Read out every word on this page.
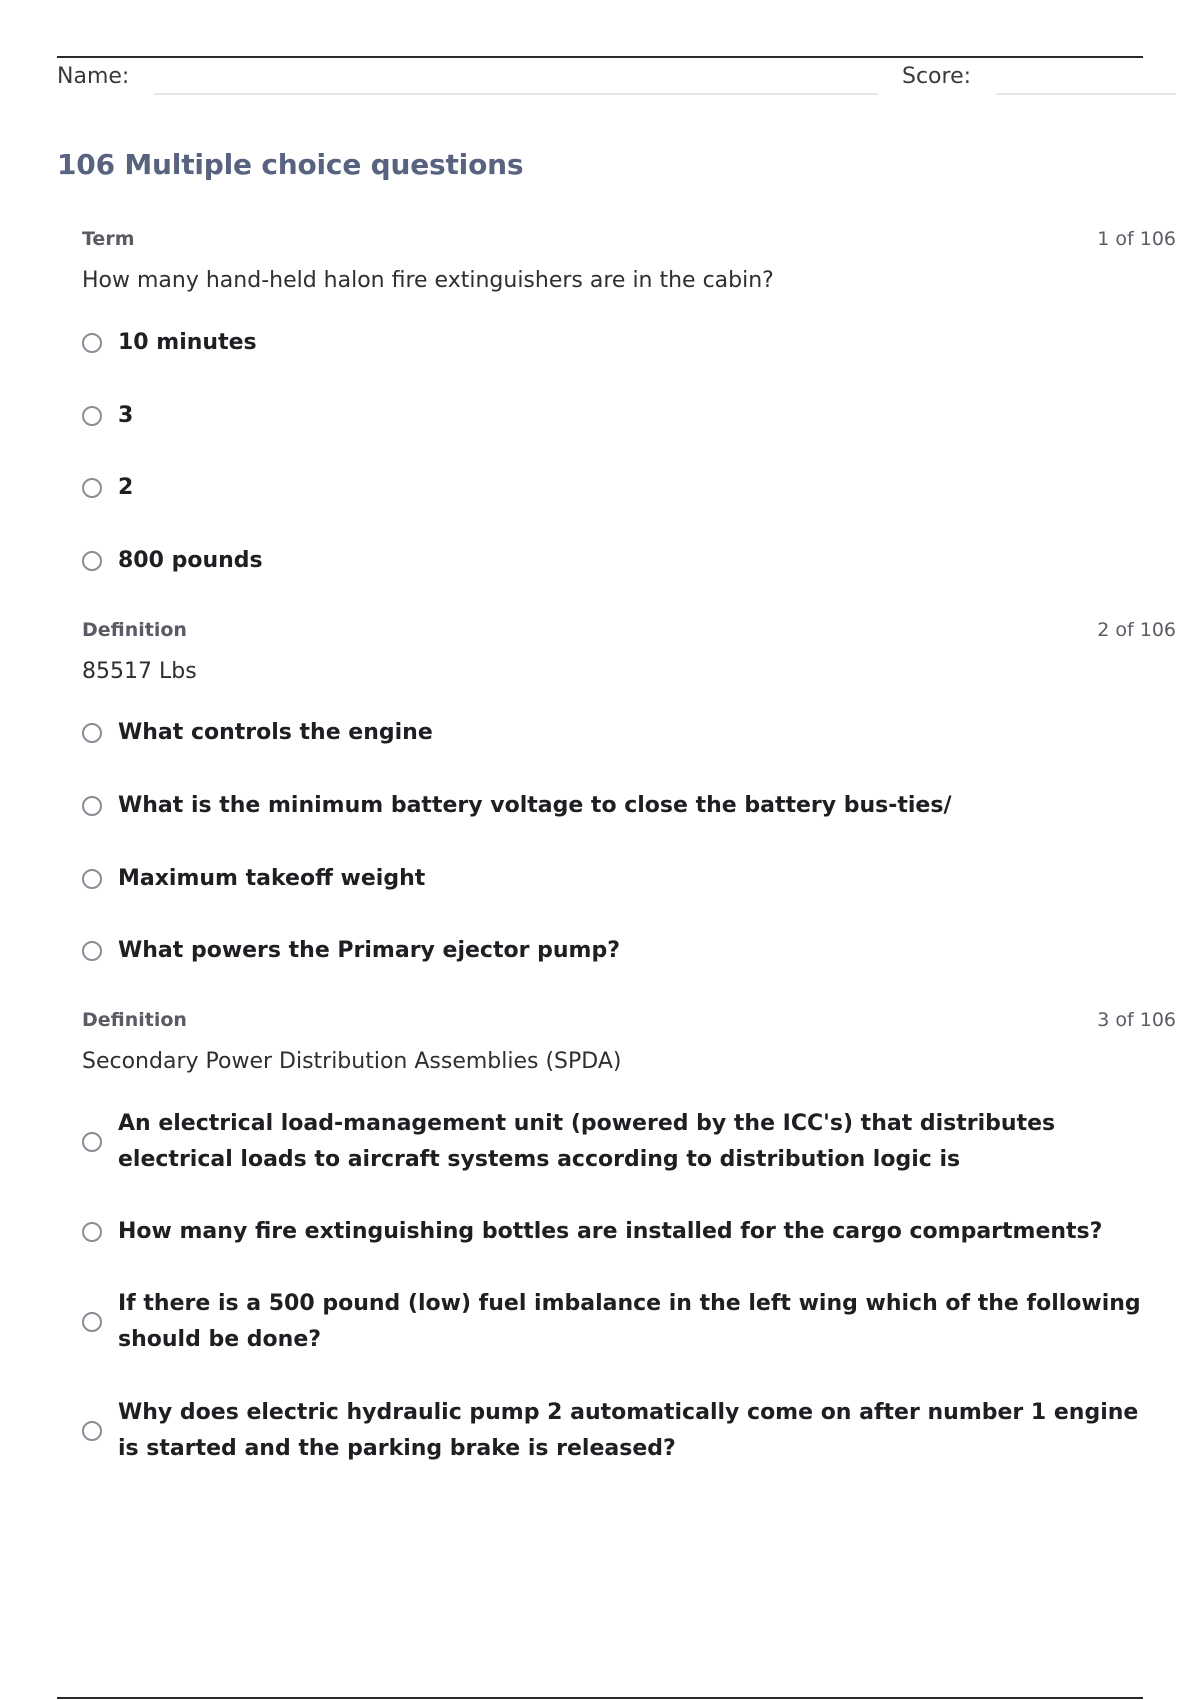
Name:	Score:
106 Multiple choice questions
Term	1 of 106
How many hand-held halon fire extinguishers are in the cabin?
10 minutes
3
2
800 pounds
Definition	2 of 106
85517 Lbs
What controls the engine
What is the minimum battery voltage to close the battery bus-ties/
Maximum takeoff weight
What powers the Primary ejector pump?
Definition	3 of 106
Secondary Power Distribution Assemblies (SPDA)
An electrical load-management unit (powered by the ICC's) that distributes electrical loads to aircraft systems according to distribution logic is
How many fire extinguishing bottles are installed for the cargo compartments?
If there is a 500 pound (low) fuel imbalance in the left wing which of the following should be done?
Why does electric hydraulic pump 2 automatically come on after number 1 engine is started and the parking brake is released?
